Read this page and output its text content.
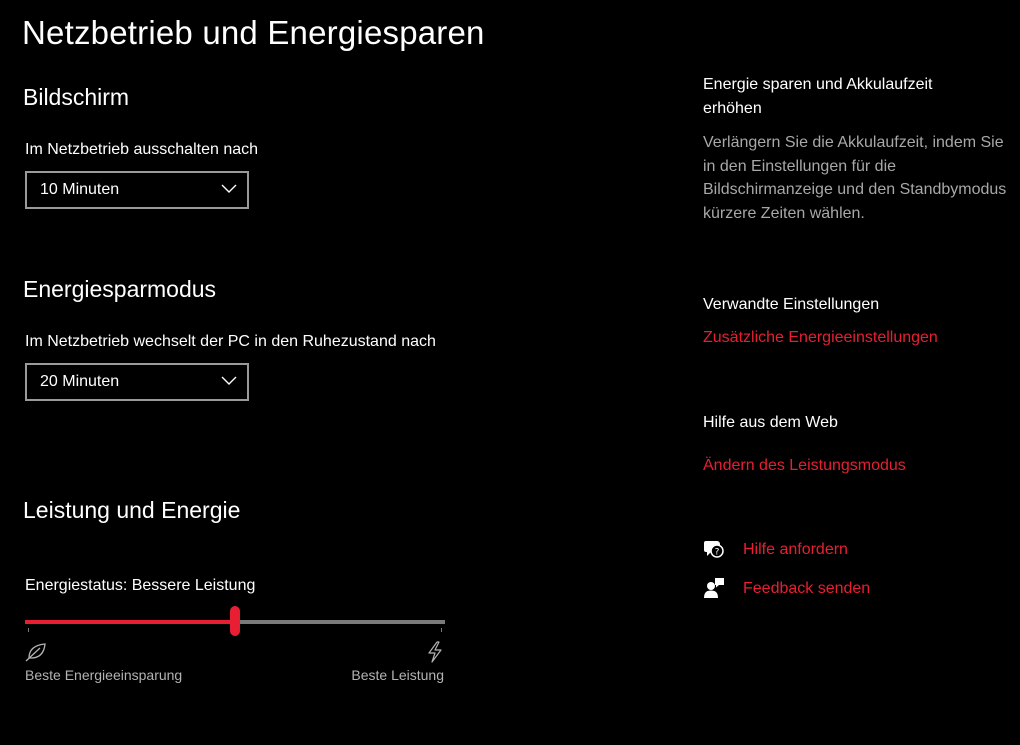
Netzbetrieb und Energiesparen
Bildschirm
Im Netzbetrieb ausschalten nach
10 Minuten
Energiesparmodus
Im Netzbetrieb wechselt der PC in den Ruhezustand nach
20 Minuten
Leistung und Energie
Energiestatus: Bessere Leistung
Beste Energieeinsparung	Beste Leistung
Energie sparen und Akkulaufzeit erhöhen
Verlängern Sie die Akkulaufzeit, indem Sie in den Einstellungen für die Bildschirmanzeige und den Standbymodus kürzere Zeiten wählen.
Verwandte Einstellungen
Zusätzliche Energieeinstellungen
Hilfe aus dem Web
Ändern des Leistungsmodus
? Hilfe anfordern
Feedback senden
